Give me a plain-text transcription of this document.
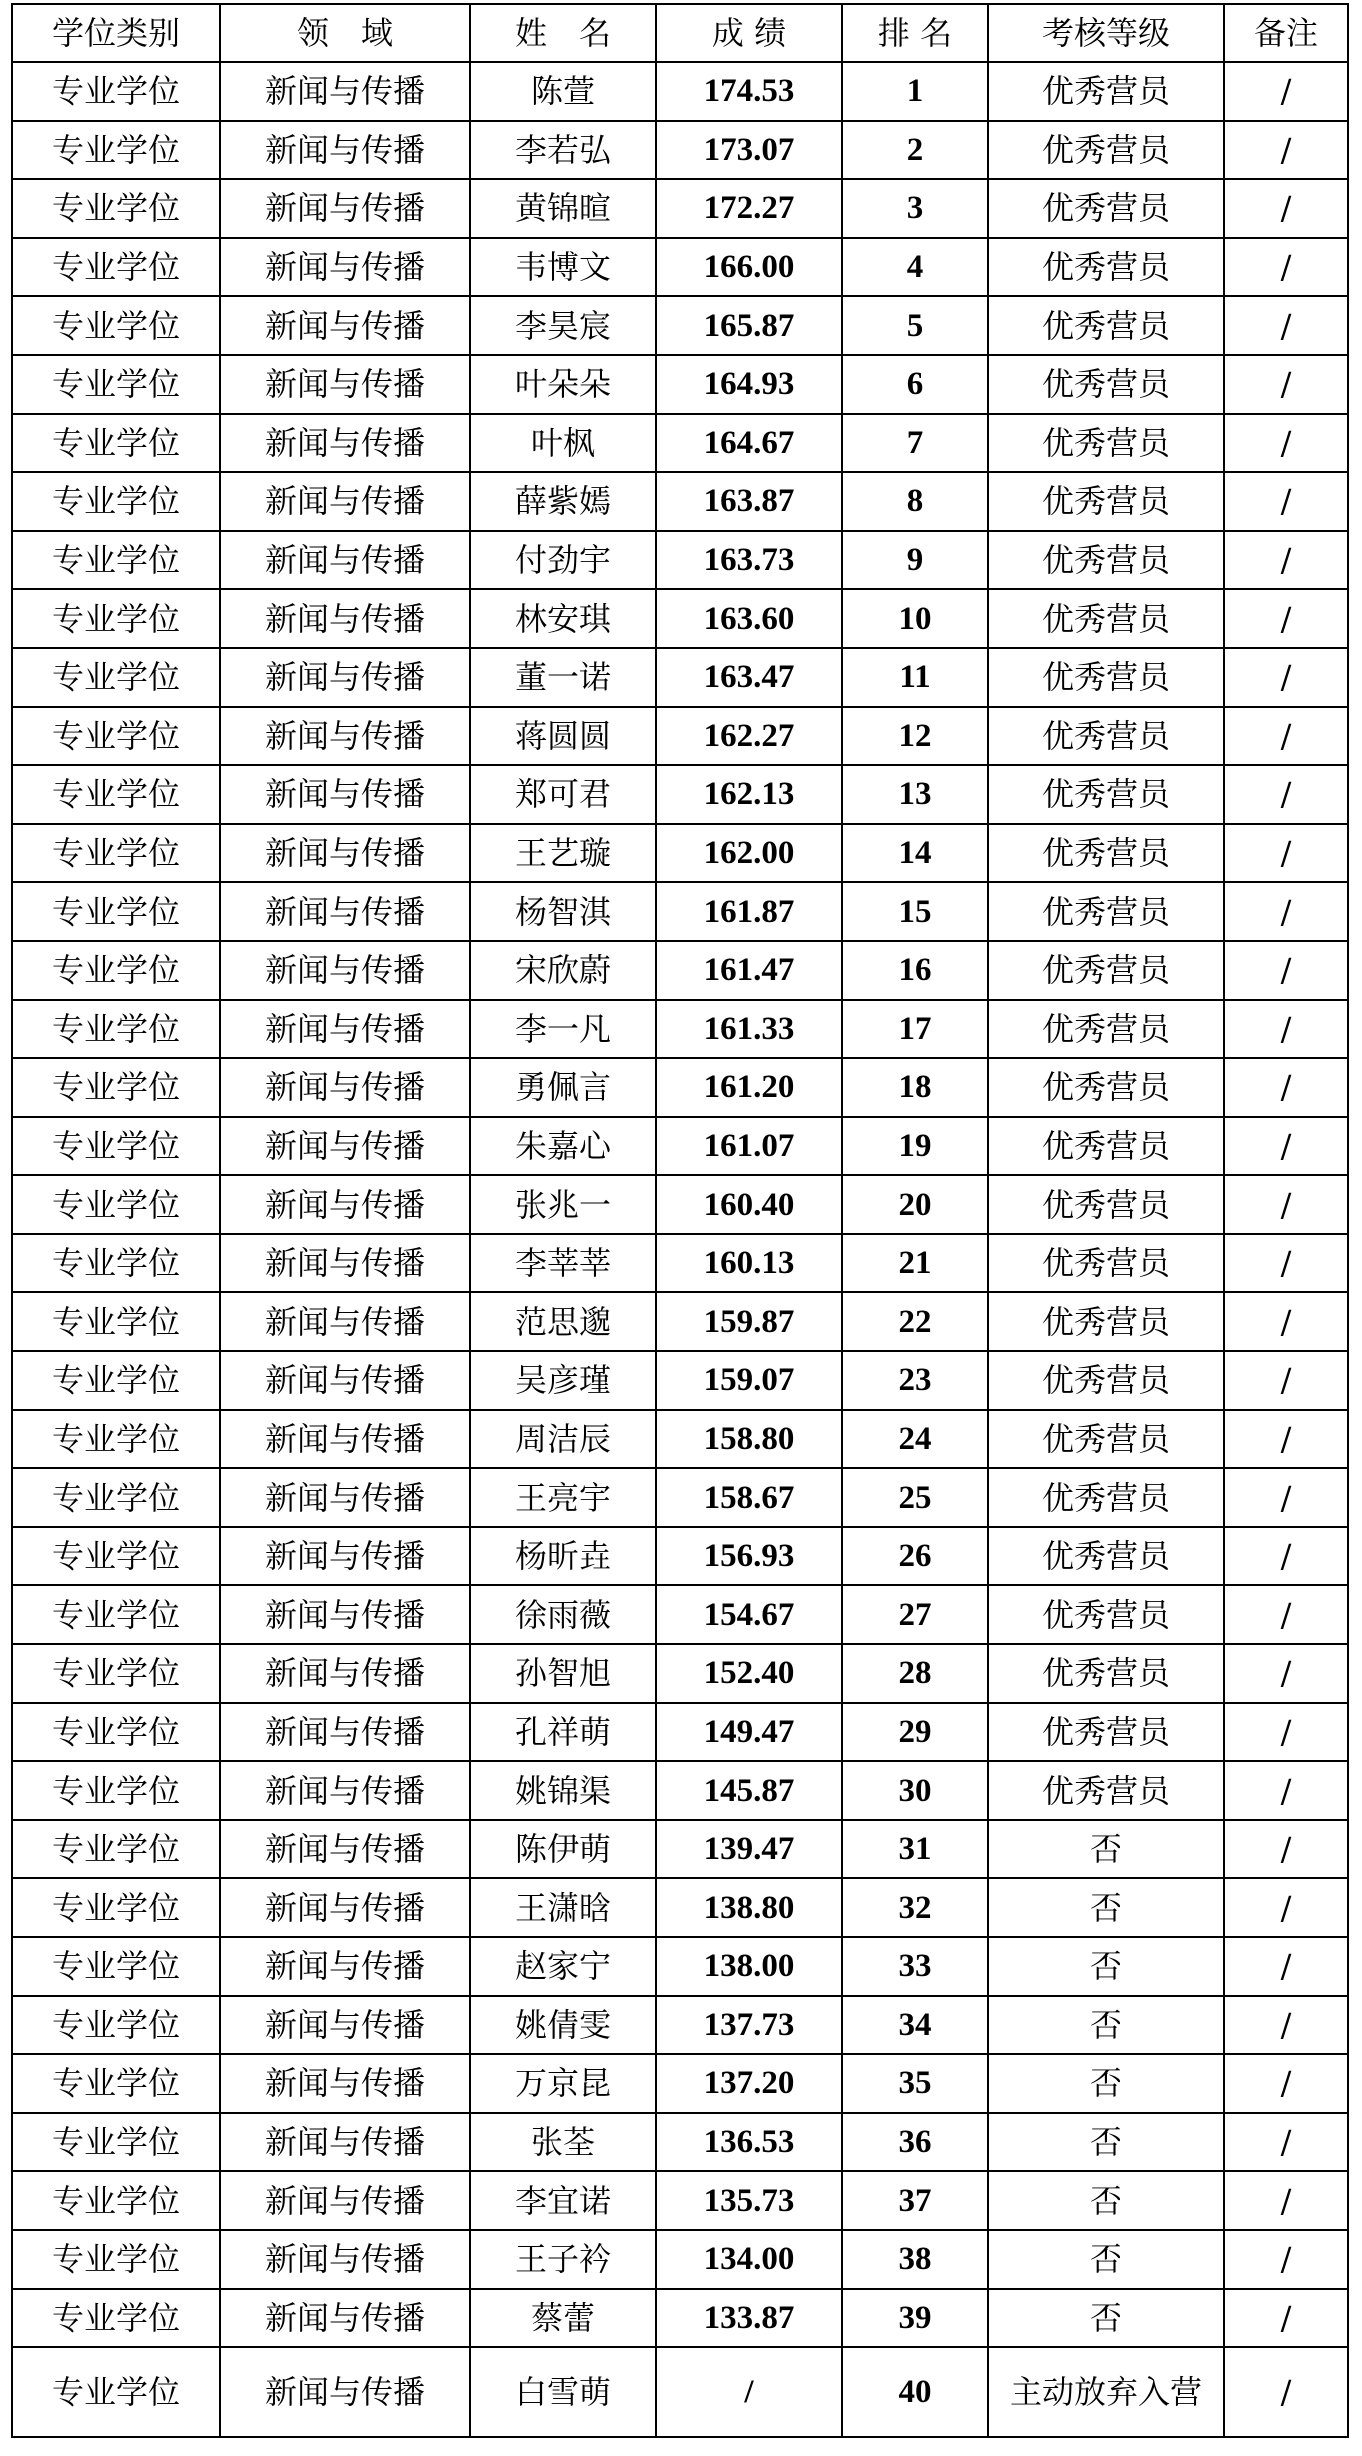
学位类别	领　域	姓　名	成 绩	排 名	考核等级	备注
专业学位	新闻与传播	陈萱	174.53	1	优秀营员	/
专业学位	新闻与传播	李若弘	173.07	2	优秀营员	/
专业学位	新闻与传播	黄锦暄	172.27	3	优秀营员	/
专业学位	新闻与传播	韦博文	166.00	4	优秀营员	/
专业学位	新闻与传播	李昊宸	165.87	5	优秀营员	/
专业学位	新闻与传播	叶朵朵	164.93	6	优秀营员	/
专业学位	新闻与传播	叶枫	164.67	7	优秀营员	/
专业学位	新闻与传播	薛紫嫣	163.87	8	优秀营员	/
专业学位	新闻与传播	付劲宇	163.73	9	优秀营员	/
专业学位	新闻与传播	林安琪	163.60	10	优秀营员	/
专业学位	新闻与传播	董一诺	163.47	11	优秀营员	/
专业学位	新闻与传播	蒋圆圆	162.27	12	优秀营员	/
专业学位	新闻与传播	郑可君	162.13	13	优秀营员	/
专业学位	新闻与传播	王艺璇	162.00	14	优秀营员	/
专业学位	新闻与传播	杨智淇	161.87	15	优秀营员	/
专业学位	新闻与传播	宋欣蔚	161.47	16	优秀营员	/
专业学位	新闻与传播	李一凡	161.33	17	优秀营员	/
专业学位	新闻与传播	勇佩言	161.20	18	优秀营员	/
专业学位	新闻与传播	朱嘉心	161.07	19	优秀营员	/
专业学位	新闻与传播	张兆一	160.40	20	优秀营员	/
专业学位	新闻与传播	李莘莘	160.13	21	优秀营员	/
专业学位	新闻与传播	范思邈	159.87	22	优秀营员	/
专业学位	新闻与传播	吴彦瑾	159.07	23	优秀营员	/
专业学位	新闻与传播	周洁辰	158.80	24	优秀营员	/
专业学位	新闻与传播	王亮宇	158.67	25	优秀营员	/
专业学位	新闻与传播	杨昕垚	156.93	26	优秀营员	/
专业学位	新闻与传播	徐雨薇	154.67	27	优秀营员	/
专业学位	新闻与传播	孙智旭	152.40	28	优秀营员	/
专业学位	新闻与传播	孔祥萌	149.47	29	优秀营员	/
专业学位	新闻与传播	姚锦渠	145.87	30	优秀营员	/
专业学位	新闻与传播	陈伊萌	139.47	31	否	/
专业学位	新闻与传播	王潇晗	138.80	32	否	/
专业学位	新闻与传播	赵家宁	138.00	33	否	/
专业学位	新闻与传播	姚倩雯	137.73	34	否	/
专业学位	新闻与传播	万京昆	137.20	35	否	/
专业学位	新闻与传播	张荃	136.53	36	否	/
专业学位	新闻与传播	李宜诺	135.73	37	否	/
专业学位	新闻与传播	王子衿	134.00	38	否	/
专业学位	新闻与传播	蔡蕾	133.87	39	否	/
专业学位	新闻与传播	白雪萌	/	40	主动放弃入营	/
